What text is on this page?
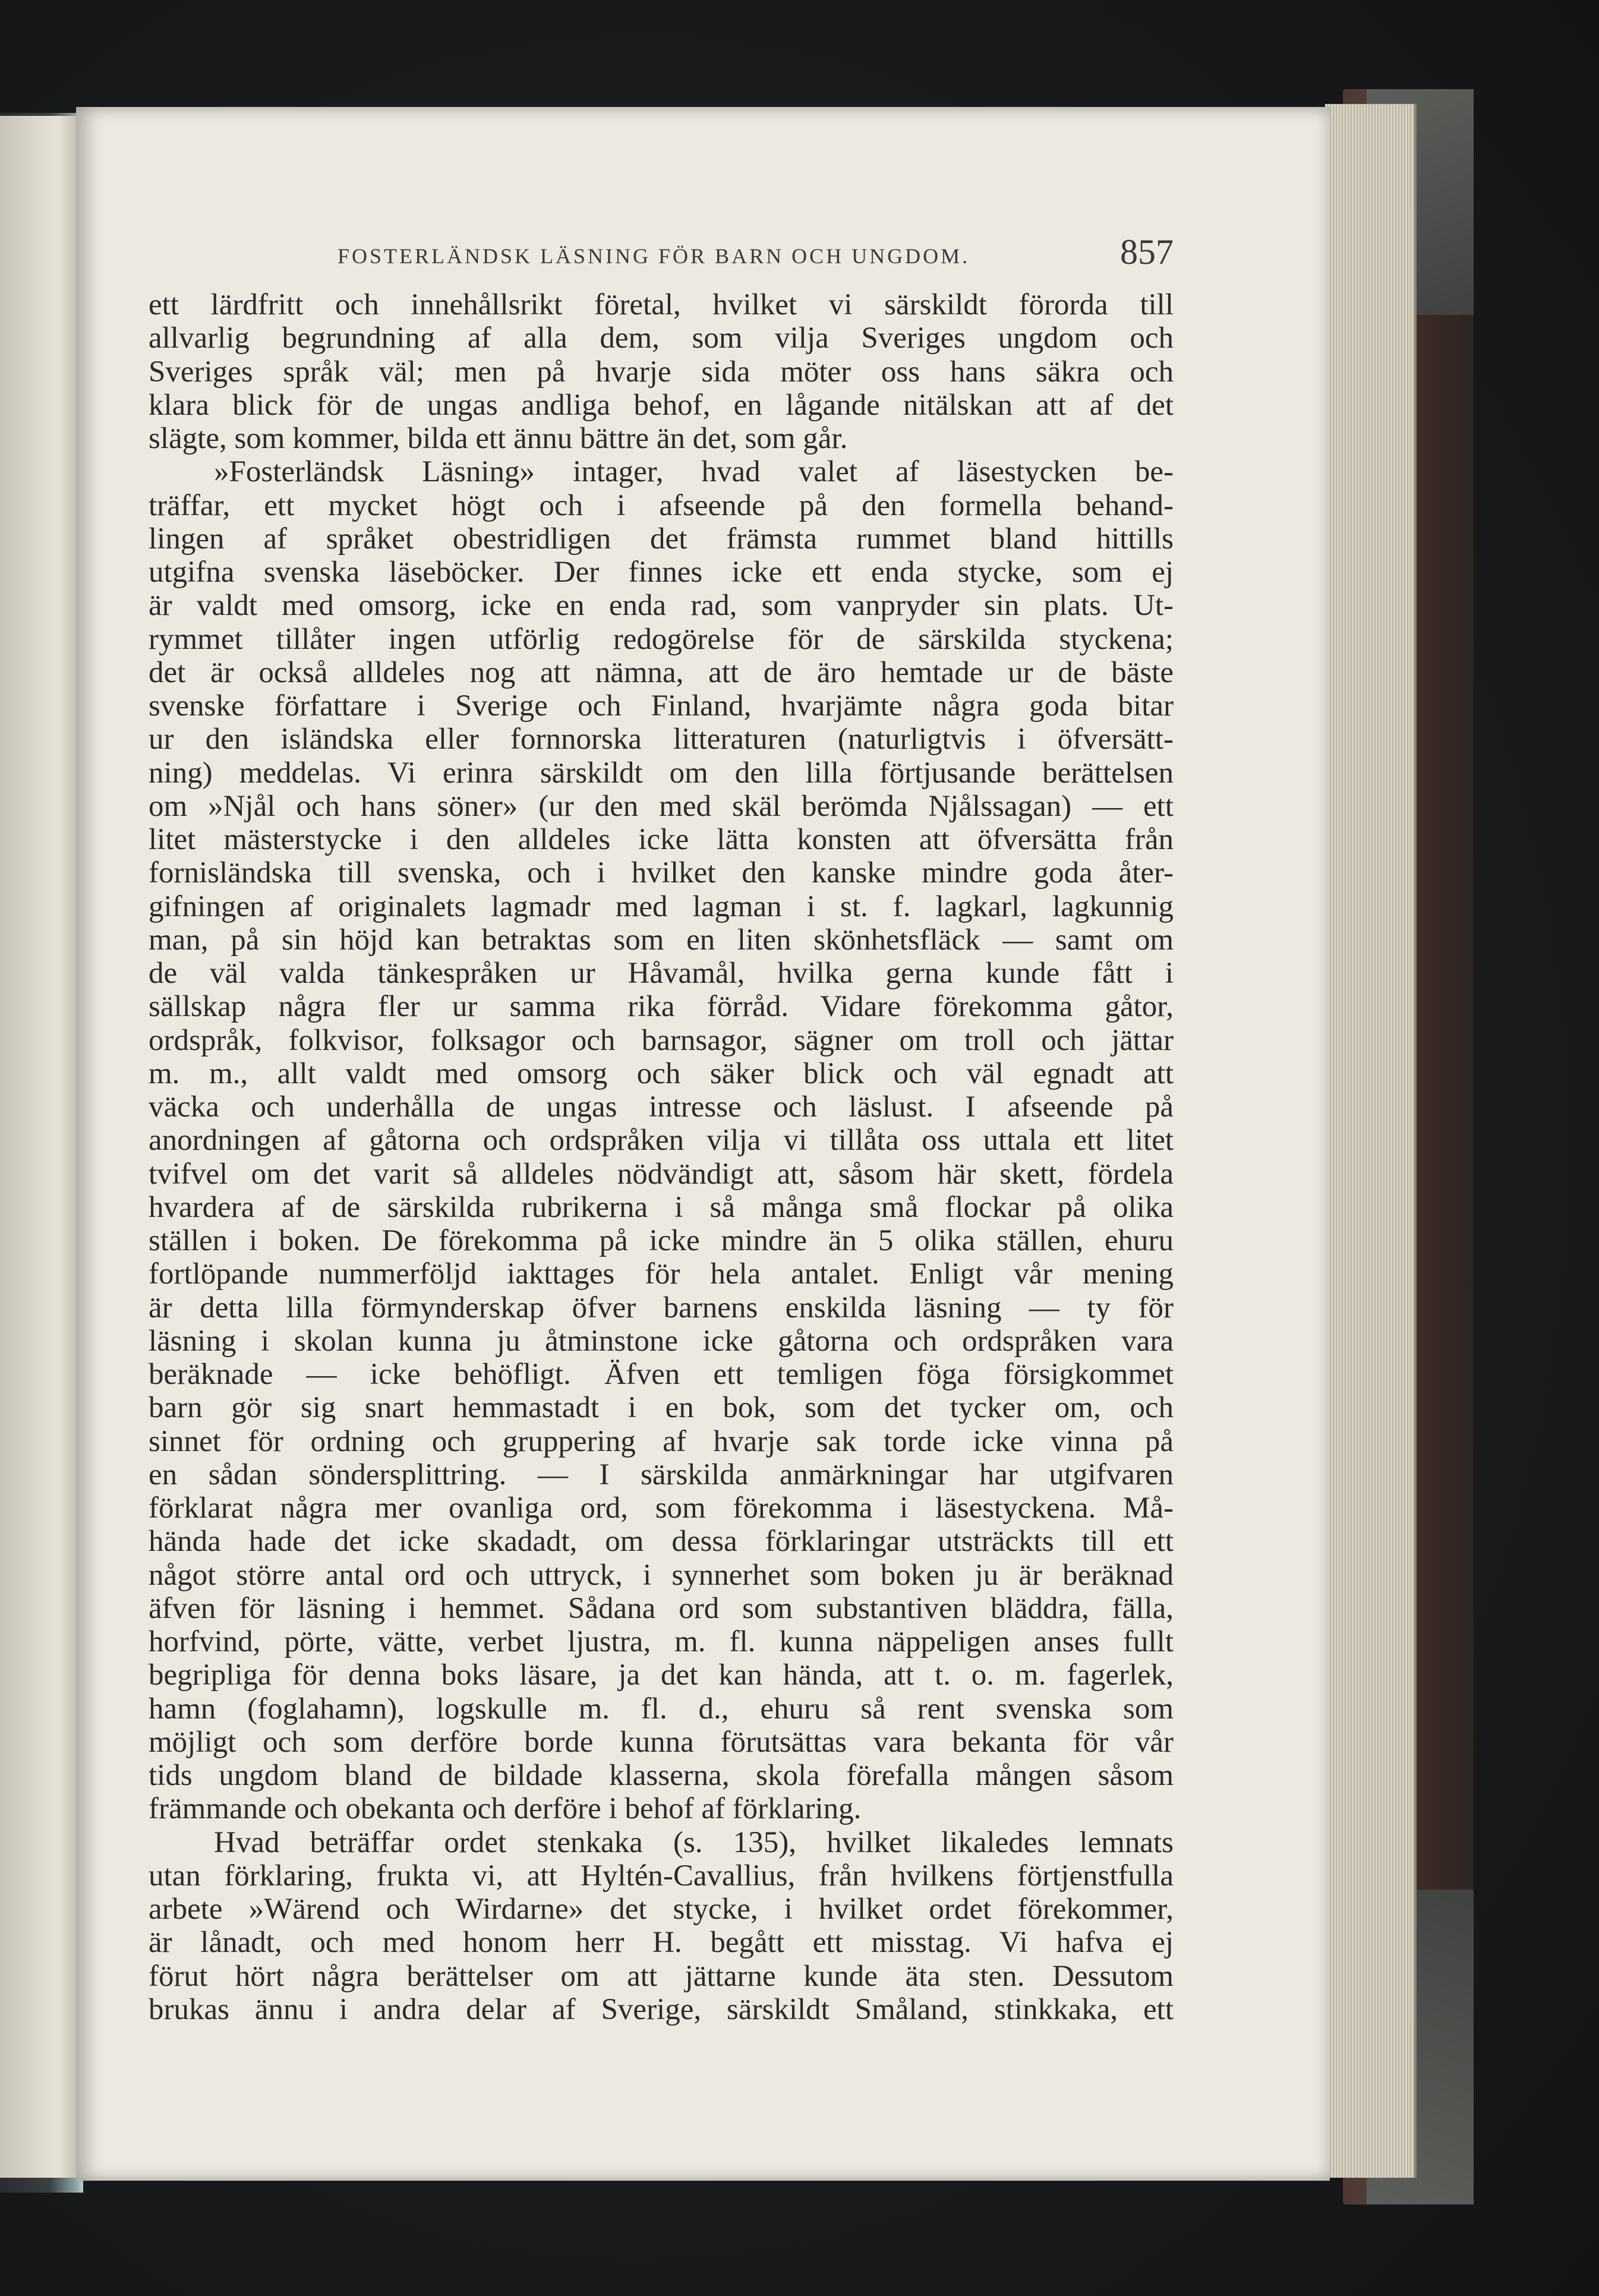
FOSTERLÄNDSK LÄSNING FÖR BARN OCH UNGDOM.	857
ett lärdfritt och innehållsrikt företal, hvilket vi särskildt förorda till
allvarlig begrundning af alla dem, som vilja Sveriges ungdom och
Sveriges språk väl; men på hvarje sida möter oss hans säkra och
klara blick för de ungas andliga behof, en lågande nitälskan att af det
slägte, som kommer, bilda ett ännu bättre än det, som går.
»Fosterländsk Läsning» intager, hvad valet af läsestycken be-
träffar, ett mycket högt och i afseende på den formella behand-
lingen af språket obestridligen det främsta rummet bland hittills
utgifna svenska läseböcker. Der finnes icke ett enda stycke, som ej
är valdt med omsorg, icke en enda rad, som vanpryder sin plats. Ut-
rymmet tillåter ingen utförlig redogörelse för de särskilda styckena;
det är också alldeles nog att nämna, att de äro hemtade ur de bäste
svenske författare i Sverige och Finland, hvarjämte några goda bitar
ur den isländska eller fornnorska litteraturen (naturligtvis i öfversätt-
ning) meddelas. Vi erinra särskildt om den lilla förtjusande berättelsen
om »Njål och hans söner» (ur den med skäl berömda Njålssagan) — ett
litet mästerstycke i den alldeles icke lätta konsten att öfversätta från
fornisländska till svenska, och i hvilket den kanske mindre goda åter-
gifningen af originalets lagmadr med lagman i st. f. lagkarl, lagkunnig
man, på sin höjd kan betraktas som en liten skönhetsfläck — samt om
de väl valda tänkespråken ur Håvamål, hvilka gerna kunde fått i
sällskap några fler ur samma rika förråd. Vidare förekomma gåtor,
ordspråk, folkvisor, folksagor och barnsagor, sägner om troll och jättar
m. m., allt valdt med omsorg och säker blick och väl egnadt att
väcka och underhålla de ungas intresse och läslust. I afseende på
anordningen af gåtorna och ordspråken vilja vi tillåta oss uttala ett litet
tvifvel om det varit så alldeles nödvändigt att, såsom här skett, fördela
hvardera af de särskilda rubrikerna i så många små flockar på olika
ställen i boken. De förekomma på icke mindre än 5 olika ställen, ehuru
fortlöpande nummerföljd iakttages för hela antalet. Enligt vår mening
är detta lilla förmynderskap öfver barnens enskilda läsning — ty för
läsning i skolan kunna ju åtminstone icke gåtorna och ordspråken vara
beräknade — icke behöfligt. Äfven ett temligen föga försigkommet
barn gör sig snart hemmastadt i en bok, som det tycker om, och
sinnet för ordning och gruppering af hvarje sak torde icke vinna på
en sådan söndersplittring. — I särskilda anmärkningar har utgifvaren
förklarat några mer ovanliga ord, som förekomma i läsestyckena. Må-
hända hade det icke skadadt, om dessa förklaringar utsträckts till ett
något större antal ord och uttryck, i synnerhet som boken ju är beräknad
äfven för läsning i hemmet. Sådana ord som substantiven bläddra, fälla,
horfvind, pörte, vätte, verbet ljustra, m. fl. kunna näppeligen anses fullt
begripliga för denna boks läsare, ja det kan hända, att t. o. m. fagerlek,
hamn (foglahamn), logskulle m. fl. d., ehuru så rent svenska som
möjligt och som derföre borde kunna förutsättas vara bekanta för vår
tids ungdom bland de bildade klasserna, skola förefalla mången såsom
främmande och obekanta och derföre i behof af förklaring.
Hvad beträffar ordet stenkaka (s. 135), hvilket likaledes lemnats
utan förklaring, frukta vi, att Hyltén-Cavallius, från hvilkens förtjenstfulla
arbete »Wärend och Wirdarne» det stycke, i hvilket ordet förekommer,
är lånadt, och med honom herr H. begått ett misstag. Vi hafva ej
förut hört några berättelser om att jättarne kunde äta sten. Dessutom
brukas ännu i andra delar af Sverige, särskildt Småland, stinkkaka, ett
